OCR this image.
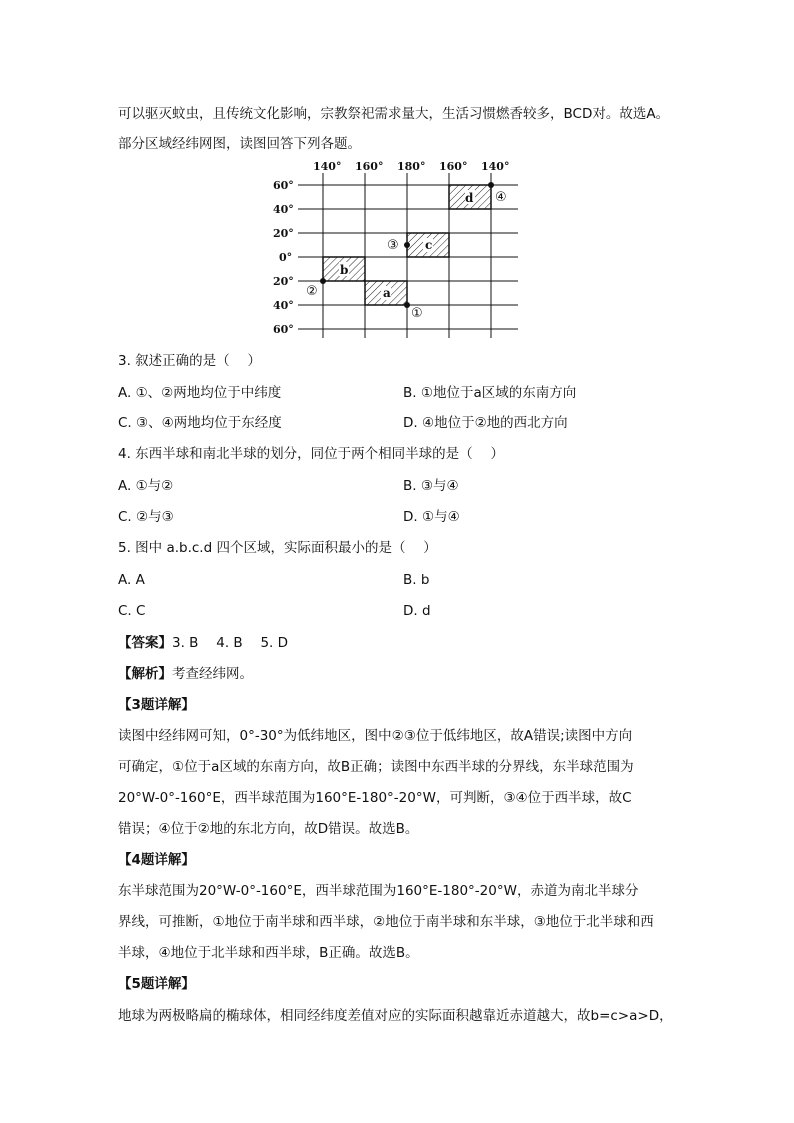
可以驱灭蚊虫，且传统文化影响，宗教祭祀需求量大，生活习惯燃香较多，BCD对。故选A。
部分区域经纬网图，读图回答下列各题。
140° 160° 180° 160° 140°
60°
40°
20°
0°
20°
40°
60°
a
b
c
d
①
②
③
④
3. 叙述正确的是（　 ）
A. ①、②两地均位于中纬度	B. ①地位于a区域的东南方向
C. ③、④两地均位于东经度	D. ④地位于②地的西北方向
4. 东西半球和南北半球的划分，同位于两个相同半球的是（　 ）
A. ①与②	B. ③与④
C. ②与③	D. ①与④
5. 图中 a.b.c.d 四个区域，实际面积最小的是（　 ）
A. A	B. b
C. C	D. d
【答案】3. B　 4. B　 5. D
【解析】考查经纬网。
【3题详解】
读图中经纬网可知，0°-30°为低纬地区，图中②③位于低纬地区，故A错误;读图中方向
可确定，①位于a区域的东南方向，故B正确；读图中东西半球的分界线，东半球范围为
20°W-0°-160°E，西半球范围为160°E-180°-20°W，可判断，③④位于西半球，故C
错误；④位于②地的东北方向，故D错误。故选B。
【4题详解】
东半球范围为20°W-0°-160°E，西半球范围为160°E-180°-20°W，赤道为南北半球分
界线，可推断，①地位于南半球和西半球，②地位于南半球和东半球，③地位于北半球和西
半球，④地位于北半球和西半球，B正确。故选B。
【5题详解】
地球为两极略扁的椭球体，相同经纬度差值对应的实际面积越靠近赤道越大，故b=c>a>D，
